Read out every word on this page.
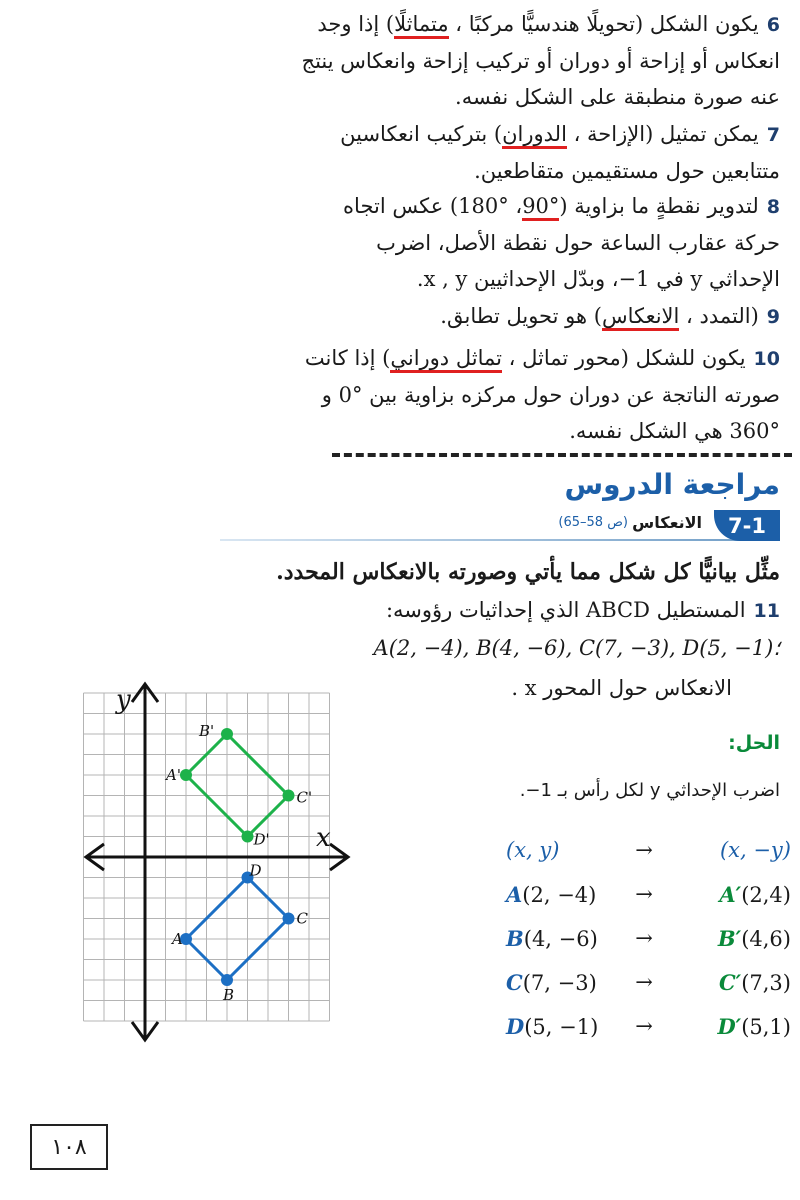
6يكون الشكل (تحويلًا هندسيًّا مركبًا ، متماثلًا) إذا وجد انعكاس أو إزاحة أو دوران أو تركيب إزاحة وانعكاس ينتج عنه صورة منطبقة على الشكل نفسه.
7يمكن تمثيل (الإزاحة ، الدوران) بتركيب انعكاسين متتابعين حول مستقيمين متقاطعين.
8لتدوير نقطةٍ ما بزاوية (°90، °180) عكس اتجاه حركة عقارب الساعة حول نقطة الأصل، اضرب الإحداثي y في 1−، وبدّل الإحداثيين x , y.
9(التمدد ، الانعكاس) هو تحويل تطابق.
10يكون للشكل (محور تماثل ، تماثل دوراني) إذا كانت صورته الناتجة عن دوران حول مركزه بزاوية بين °0 و °360 هي الشكل نفسه.
مراجعة الدروس
7-1
الانعكاس
(ص 58–65)
مثِّل بيانيًّا كل شكل مما يأتي وصورته بالانعكاس المحدد.
11المستطيل ABCD الذي إحداثيات رؤوسه:
A(2, −4), B(4, −6), C(7, −3), D(5, −1)؛
الانعكاس حول المحور x .
الحل:
اضرب الإحداثي y لكل رأس بـ 1−.
(x, y)	→	(x, −y)
A(2, −4)	→	A′(2,4)
B(4, −6)	→	B′(4,6)
C(7, −3)	→	C′(7,3)
D(5, −1)	→	D′(5,1)
x
y
A'
B'
C'
D'
A
B
C
D
١٠٨
